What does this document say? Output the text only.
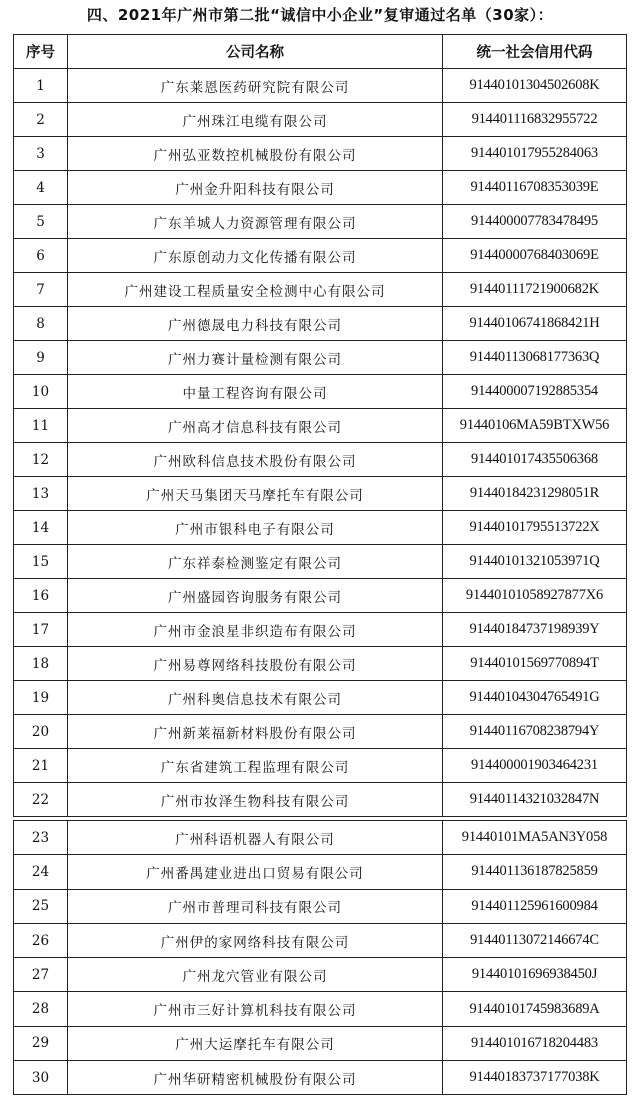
四、2021年广州市第二批“诚信中小企业”复审通过名单（30家）：
序号	公司名称	统一社会信用代码
1	广东莱恩医药研究院有限公司	91440101304502608K
2	广州珠江电缆有限公司	914401116832955722
3	广州弘亚数控机械股份有限公司	914401017955284063
4	广州金升阳科技有限公司	91440116708353039E
5	广东羊城人力资源管理有限公司	914400007783478495
6	广东原创动力文化传播有限公司	91440000768403069E
7	广州建设工程质量安全检测中心有限公司	91440111721900682K
8	广州德晟电力科技有限公司	91440106741868421H
9	广州力赛计量检测有限公司	91440113068177363Q
10	中量工程咨询有限公司	914400007192885354
11	广州高才信息科技有限公司	91440106MA59BTXW56
12	广州欧科信息技术股份有限公司	914401017435506368
13	广州天马集团天马摩托车有限公司	91440184231298051R
14	广州市银科电子有限公司	91440101795513722X
15	广东祥泰检测鉴定有限公司	91440101321053971Q
16	广州盛园咨询服务有限公司	91440101058927877X6
17	广州市金浪星非织造布有限公司	91440184737198939Y
18	广州易尊网络科技股份有限公司	91440101569770894T
19	广州科奥信息技术有限公司	91440104304765491G
20	广州新莱福新材料股份有限公司	91440116708238794Y
21	广东省建筑工程监理有限公司	914400001903464231
22	广州市妆泽生物科技有限公司	91440114321032847N
23	广州科语机器人有限公司	91440101MA5AN3Y058
24	广州番禺建业进出口贸易有限公司	914401136187825859
25	广州市普理司科技有限公司	914401125961600984
26	广州伊的家网络科技有限公司	91440113072146674C
27	广州龙穴管业有限公司	91440101696938450J
28	广州市三好计算机科技有限公司	91440101745983689A
29	广州大运摩托车有限公司	914401016718204483
30	广州华研精密机械股份有限公司	91440183737177038K
